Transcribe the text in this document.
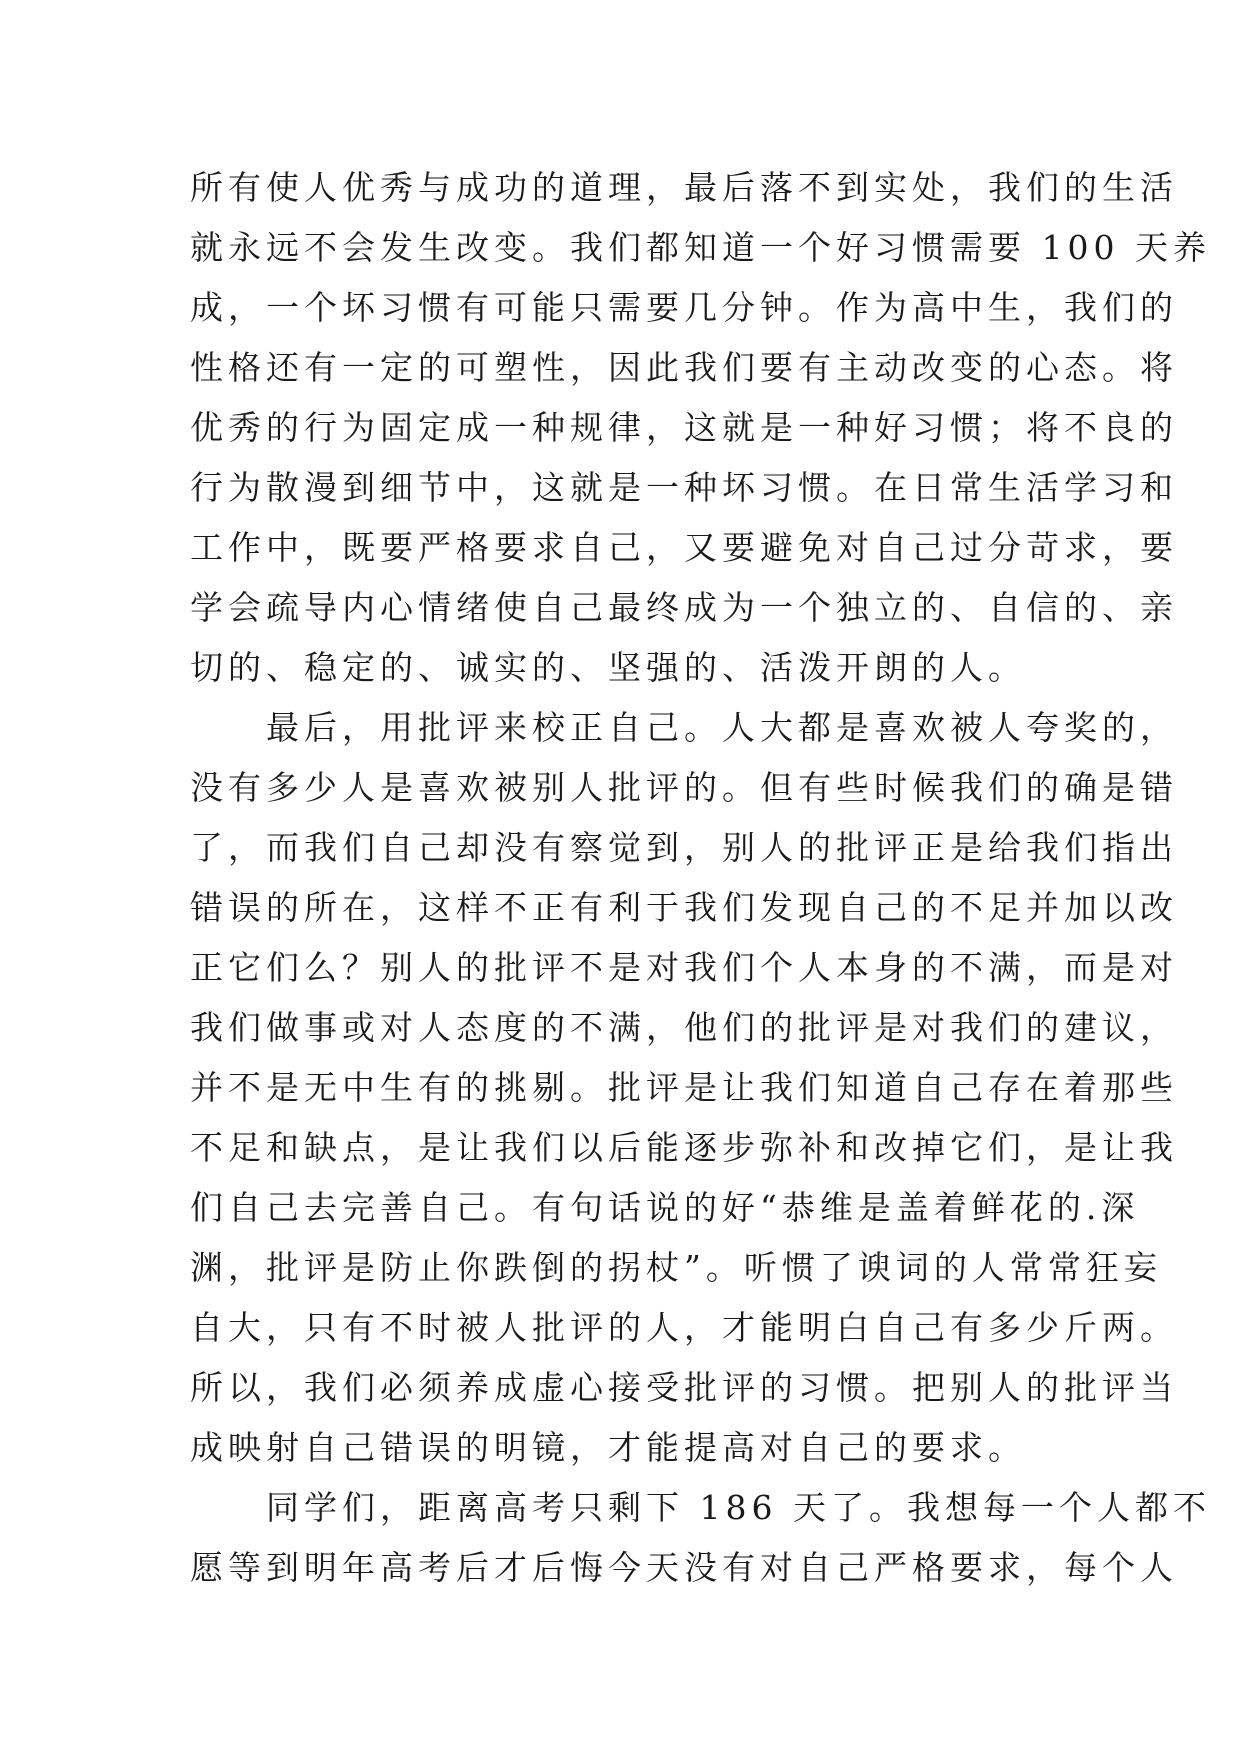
所有使人优秀与成功的道理，最后落不到实处，我们的生活
就永远不会发生改变。我们都知道一个好习惯需要 100 天养
成，一个坏习惯有可能只需要几分钟。作为高中生，我们的
性格还有一定的可塑性，因此我们要有主动改变的心态。将
优秀的行为固定成一种规律，这就是一种好习惯；将不良的
行为散漫到细节中，这就是一种坏习惯。在日常生活学习和
工作中，既要严格要求自己，又要避免对自己过分苛求，要
学会疏导内心情绪使自己最终成为一个独立的、自信的、亲
切的、稳定的、诚实的、坚强的、活泼开朗的人。
　　最后，用批评来校正自己。人大都是喜欢被人夸奖的，
没有多少人是喜欢被别人批评的。但有些时候我们的确是错
了，而我们自己却没有察觉到，别人的批评正是给我们指出
错误的所在，这样不正有利于我们发现自己的不足并加以改
正它们么？别人的批评不是对我们个人本身的不满，而是对
我们做事或对人态度的不满，他们的批评是对我们的建议，
并不是无中生有的挑剔。批评是让我们知道自己存在着那些
不足和缺点，是让我们以后能逐步弥补和改掉它们，是让我
们自己去完善自己。有句话说的好“恭维是盖着鲜花的.深
渊，批评是防止你跌倒的拐杖”。听惯了谀词的人常常狂妄
自大，只有不时被人批评的人，才能明白自己有多少斤两。
所以，我们必须养成虚心接受批评的习惯。把别人的批评当
成映射自己错误的明镜，才能提高对自己的要求。
　　同学们，距离高考只剩下 186 天了。我想每一个人都不
愿等到明年高考后才后悔今天没有对自己严格要求，每个人
